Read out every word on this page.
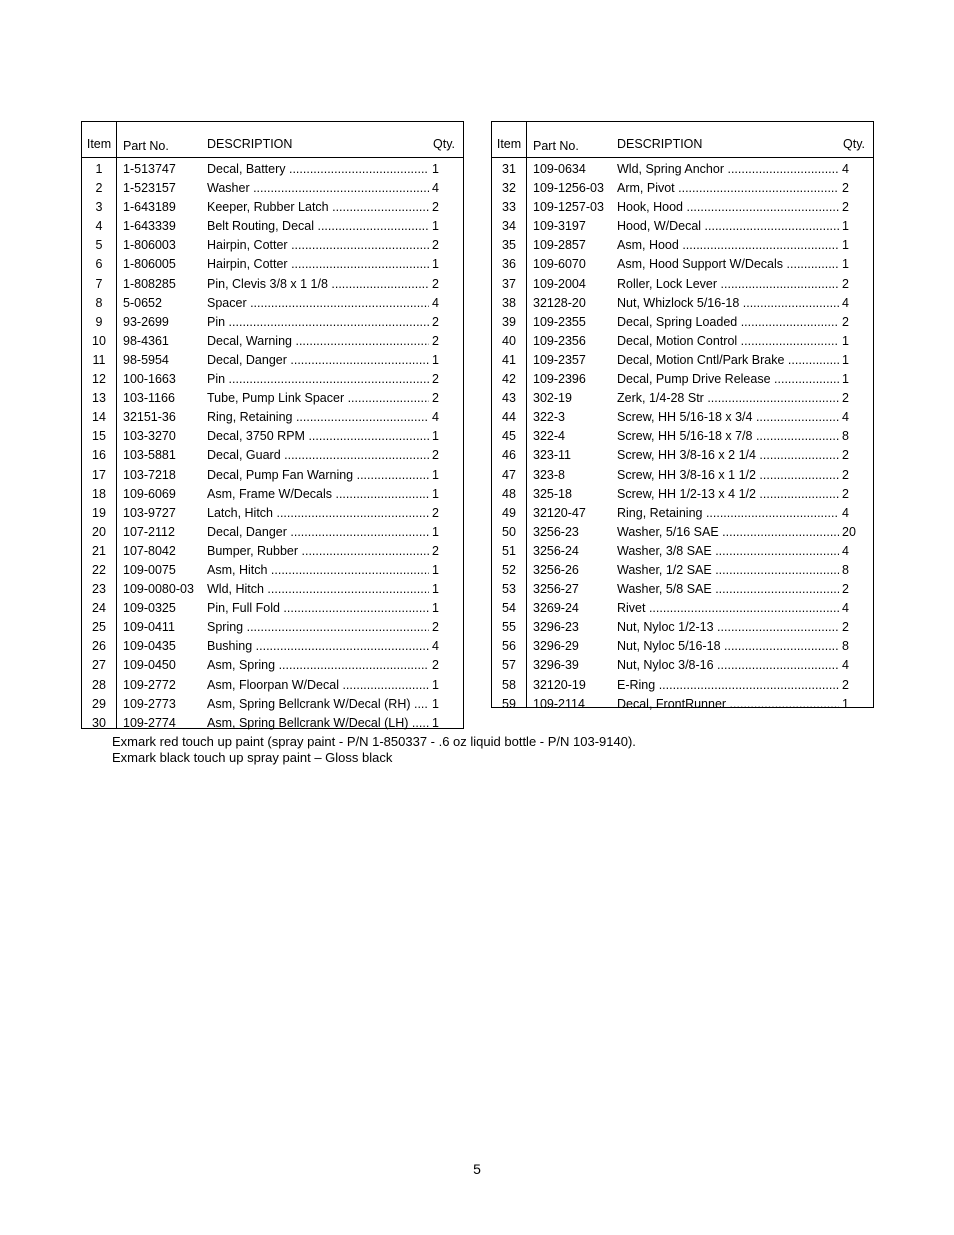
Item Part No.	DESCRIPTION	Qty.
1	1-513747 Decal, Battery .....	1
2	1-523157 Washer .....	4
3	1-643189 Keeper, Rubber Latch .....	2
4	1-643339 Belt Routing, Decal .....	1
5	1-806003 Hairpin, Cotter .....	2
6	1-806005 Hairpin, Cotter .....	1
7	1-808285 Pin, Clevis 3/8 x 1 1/8 .....	2
8	5-0652	Spacer .....	4
9	93-2699	Pin .....	2
10	98-4361	Decal, Warning .....	2
11	98-5954	Decal, Danger .....	1
12	100-1663 Pin .....	2
13	103-1166	Tube, Pump Link Spacer .....	2
14	32151-36 Ring, Retaining .....	4
15	103-3270 Decal, 3750 RPM .....	1
16	103-5881 Decal, Guard .....	2
17	103-7218 Decal, Pump Fan Warning .....	1
18	109-6069 Asm, Frame W/Decals .....	1
19	103-9727 Latch, Hitch .....	2
20	107-2112	Decal, Danger .....	1
21	107-8042 Bumper, Rubber .....	2
22	109-0075 Asm, Hitch .....	1
23	109-0080-03 Wld, Hitch .....	1
24	109-0325 Pin, Full Fold .....	1
25	109-0411	Spring .....	2
26	109-0435 Bushing .....	4
27	109-0450 Asm, Spring .....	2
28	109-2772 Asm, Floorpan W/Decal .....	1
29	109-2773 Asm, Spring Bellcrank W/Decal (RH) .....	1
30	109-2774 Asm, Spring Bellcrank W/Decal (LH) .....	1
Item Part No.	DESCRIPTION	Qty.
31	109-0634 Wld, Spring Anchor .....	4
32	109-1256-03 Arm, Pivot .....	2
33	109-1257-03 Hook, Hood .....	2
34	109-3197 Hood, W/Decal .....	1
35	109-2857 Asm, Hood .....	1
36	109-6070 Asm, Hood Support W/Decals .....	1
37	109-2004 Roller, Lock Lever .....	2
38	32128-20 Nut, Whizlock 5/16-18 .....	4
39	109-2355 Decal, Spring Loaded .....	2
40	109-2356 Decal, Motion Control .....	1
41	109-2357 Decal, Motion Cntl/Park Brake .....	1
42	109-2396 Decal, Pump Drive Release .....	1
43	302-19	Zerk, 1/4-28 Str .....	2
44	322-3	Screw, HH 5/16-18 x 3/4 .....	4
45	322-4	Screw, HH 5/16-18 x 7/8 .....	8
46	323-11	Screw, HH 3/8-16 x 2 1/4 .....	2
47	323-8	Screw, HH 3/8-16 x 1 1/2 .....	2
48	325-18	Screw, HH 1/2-13 x 4 1/2 .....	2
49	32120-47 Ring, Retaining .....	4
50	3256-23	Washer, 5/16 SAE .....	20
51	3256-24	Washer, 3/8 SAE .....	4
52	3256-26	Washer, 1/2 SAE .....	8
53	3256-27	Washer, 5/8 SAE .....	2
54	3269-24	Rivet .....	4
55	3296-23	Nut, Nyloc 1/2-13 .....	2
56	3296-29	Nut, Nyloc 5/16-18 .....	8
57	3296-39	Nut, Nyloc 3/8-16 .....	4
58	32120-19 E-Ring .....	2
59	109-2114	Decal, FrontRunner .....	1
Exmark red touch up paint (spray paint - P/N 1-850337 - .6 oz liquid bottle - P/N 103-9140).
Exmark black touch up spray paint – Gloss black
5
